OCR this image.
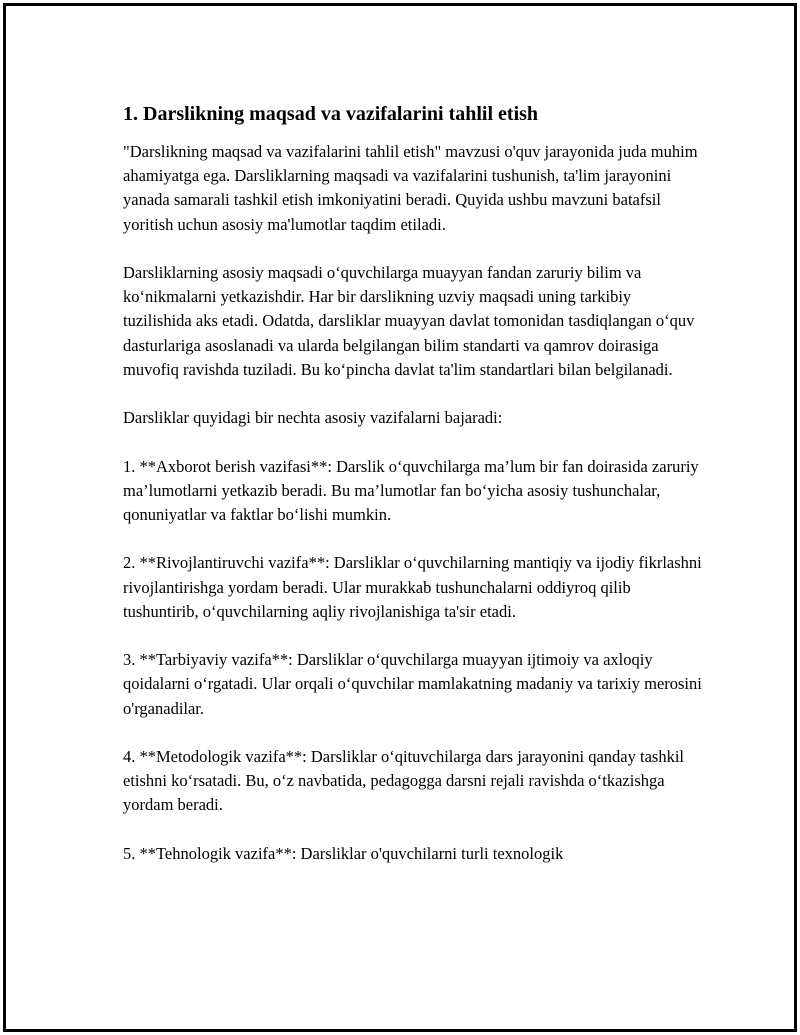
1. Darslikning maqsad va vazifalarini tahlil etish

"Darslikning maqsad va vazifalarini tahlil etish" mavzusi o'quv jarayonida juda muhim ahamiyatga ega. Darsliklarning maqsadi va vazifalarini tushunish, ta'lim jarayonini yanada samarali tashkil etish imkoniyatini beradi. Quyida ushbu mavzuni batafsil yoritish uchun asosiy ma'lumotlar taqdim etiladi.

Darsliklarning asosiy maqsadi o‘quvchilarga muayyan fandan zaruriy bilim va ko‘nikmalarni yetkazishdir. Har bir darslikning uzviy maqsadi uning tarkibiy tuzilishida aks etadi. Odatda, darsliklar muayyan davlat tomonidan tasdiqlangan o‘quv dasturlariga asoslanadi va ularda belgilangan bilim standarti va qamrov doirasiga muvofiq ravishda tuziladi. Bu ko‘pincha davlat ta'lim standartlari bilan belgilanadi.

Darsliklar quyidagi bir nechta asosiy vazifalarni bajaradi:

1. **Axborot berish vazifasi**: Darslik o‘quvchilarga ma’lum bir fan doirasida zaruriy ma’lumotlarni yetkazib beradi. Bu ma’lumotlar fan bo‘yicha asosiy tushunchalar, qonuniyatlar va faktlar bo‘lishi mumkin.

2. **Rivojlantiruvchi vazifa**: Darsliklar o‘quvchilarning mantiqiy va ijodiy fikrlashni rivojlantirishga yordam beradi. Ular murakkab tushunchalarni oddiyroq qilib tushuntirib, o‘quvchilarning aqliy rivojlanishiga ta'sir etadi.

3. **Tarbiyaviy vazifa**: Darsliklar o‘quvchilarga muayyan ijtimoiy va axloqiy qoidalarni o‘rgatadi. Ular orqali o‘quvchilar mamlakatning madaniy va tarixiy merosini o'rganadilar.

4. **Metodologik vazifa**: Darsliklar o‘qituvchilarga dars jarayonini qanday tashkil etishni ko‘rsatadi. Bu, o‘z navbatida, pedagogga darsni rejali ravishda o‘tkazishga yordam beradi.

5. **Tehnologik vazifa**: Darsliklar o'quvchilarni turli texnologik
